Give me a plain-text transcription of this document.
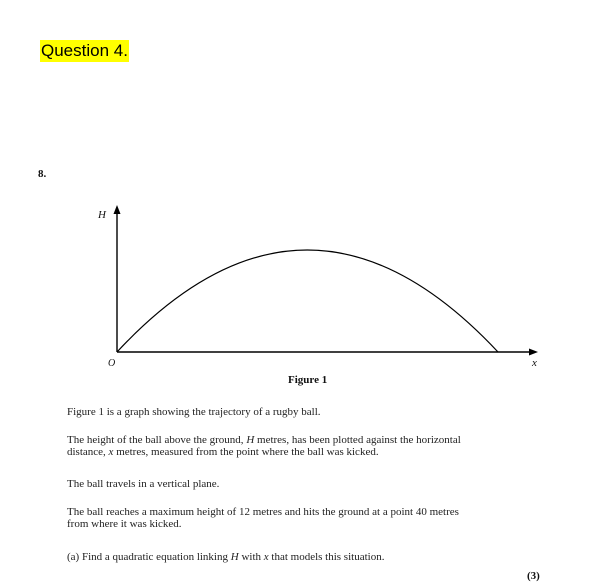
Question 4.
8.
H
O	x
Figure 1

Figure 1 is a graph showing the trajectory of a rugby ball.

The height of the ball above the ground, H metres, has been plotted against the horizontal
distance, x metres, measured from the point where the ball was kicked.

The ball travels in a vertical plane.

The ball reaches a maximum height of 12 metres and hits the ground at a point 40 metres
from where it was kicked.

(a) Find a quadratic equation linking H with x that models this situation.

(3)
